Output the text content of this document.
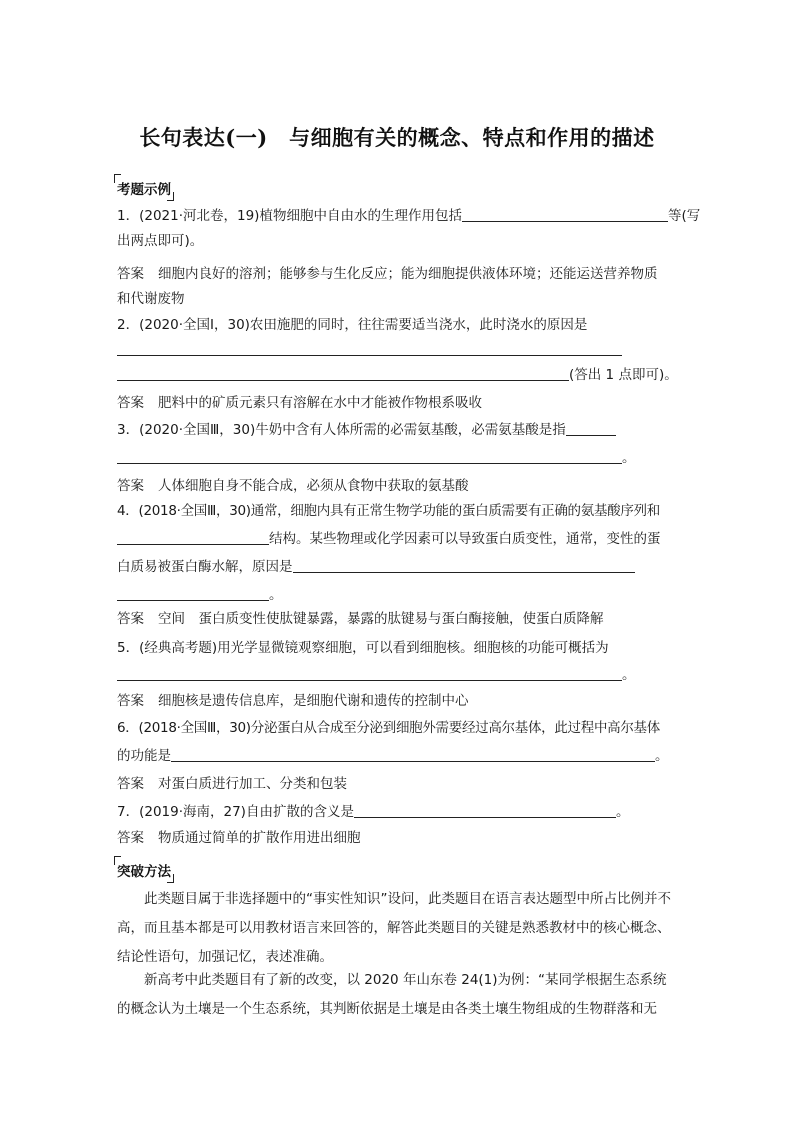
长句表达(一)　与细胞有关的概念、特点和作用的描述
考题示例
1．(2021·河北卷，19)植物细胞中自由水的生理作用包括	等(写
出两点即可)。
答案 细胞内良好的溶剂；能够参与生化反应；能为细胞提供液体环境；还能运送营养物质
和代谢废物
2．(2020·全国Ⅰ，30)农田施肥的同时，往往需要适当浇水，此时浇水的原因是
(答出 1 点即可)。
答案 肥料中的矿质元素只有溶解在水中才能被作物根系吸收
3．(2020·全国Ⅲ，30)牛奶中含有人体所需的必需氨基酸，必需氨基酸是指
。
答案 人体细胞自身不能合成，必须从食物中获取的氨基酸
4．(2018·全国Ⅲ，30)通常，细胞内具有正常生物学功能的蛋白质需要有正确的氨基酸序列和
结构。某些物理或化学因素可以导致蛋白质变性，通常，变性的蛋
白质易被蛋白酶水解，原因是
。
答案 空间　蛋白质变性使肽键暴露，暴露的肽键易与蛋白酶接触，使蛋白质降解
5．(经典高考题)用光学显微镜观察细胞，可以看到细胞核。细胞核的功能可概括为
。
答案 细胞核是遗传信息库，是细胞代谢和遗传的控制中心
6．(2018·全国Ⅲ，30)分泌蛋白从合成至分泌到细胞外需要经过高尔基体，此过程中高尔基体
的功能是	。
答案 对蛋白质进行加工、分类和包装
7．(2019·海南，27)自由扩散的含义是	。
答案 物质通过简单的扩散作用进出细胞
突破方法
此类题目属于非选择题中的“事实性知识”设问，此类题目在语言表达题型中所占比例并不高，而且基本都是可以用教材语言来回答的，解答此类题目的关键是熟悉教材中的核心概念、结论性语句，加强记忆，表述准确。
新高考中此类题目有了新的改变，以 2020 年山东卷 24(1)为例：“某同学根据生态系统的概念认为土壤是一个生态系统，其判断依据是土壤是由各类土壤生物组成的生物群落和无
